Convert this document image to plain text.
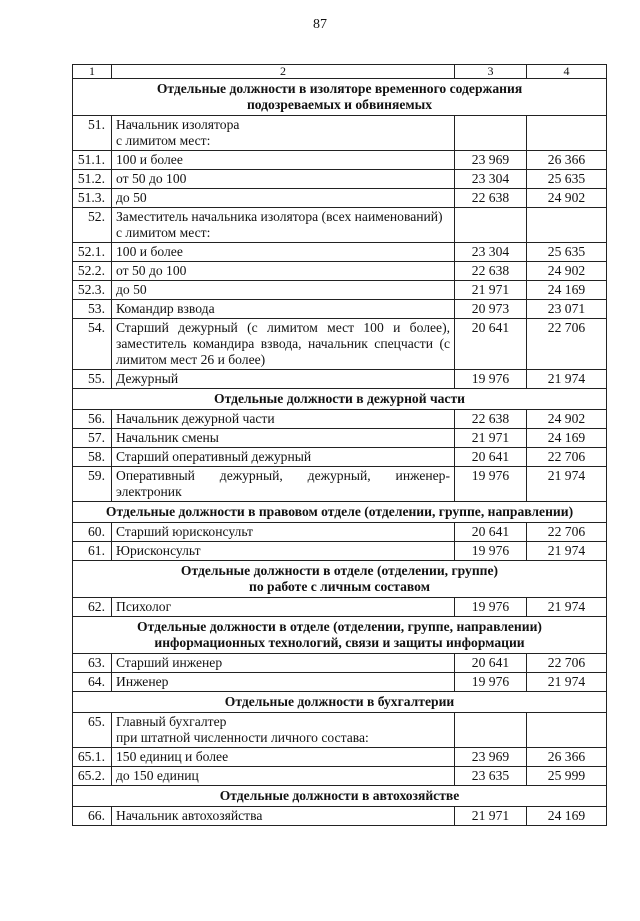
87
1	2	3	4

Отдельные должности в изоляторе временного содержания
подозреваемых и обвиняемых			

51.	Начальник изолятора
с лимитом мест:		

51.1.	100 и более	23 969	26 366
51.2.	от 50 до 100	23 304	25 635
51.3.	до 50	22 638	24 902
52.	Заместитель начальника изолятора (всех наименований)
с лимитом мест:		

52.1.	100 и более	23 304	25 635
52.2.	от 50 до 100	22 638	24 902
52.3.	до 50	21 971	24 169
53.	Командир взвода	20 973	23 071
54.	Старший дежурный (с лимитом мест 100 и более), заместитель командира взвода, начальник спецчасти (с лимитом мест 26 и более)	20 641	22 706
55.	Дежурный	19 976	21 974

Отдельные должности в дежурной части			

56.	Начальник дежурной части	22 638	24 902
57.	Начальник смены	21 971	24 169
58.	Старший оперативный дежурный	20 641	22 706
59.	Оперативный дежурный, дежурный, инженер-электроник	19 976	21 974

Отдельные должности в правовом отделе (отделении, группе, направлении)			

60.	Старший юрисконсульт	20 641	22 706
61.	Юрисконсульт	19 976	21 974

Отдельные должности в отделе (отделении, группе)
по работе с личным составом			

62.	Психолог	19 976	21 974

Отдельные должности в отделе (отделении, группе, направлении)
информационных технологий, связи и защиты информации			

63.	Старший инженер	20 641	22 706
64.	Инженер	19 976	21 974

Отдельные должности в бухгалтерии			

65.	Главный бухгалтер
при штатной численности личного состава:		

65.1.	150 единиц и более	23 969	26 366
65.2.	до 150 единиц	23 635	25 999

Отдельные должности в автохозяйстве			

66.	Начальник автохозяйства	21 971	24 169
